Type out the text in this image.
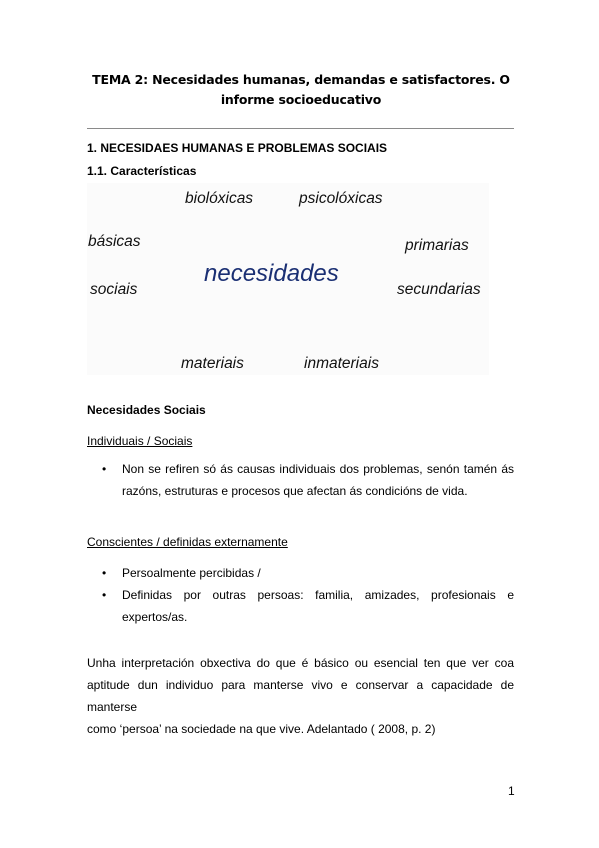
TEMA 2: Necesidades humanas, demandas e satisfactores. O
informe socioeducativo
1. NECESIDAES HUMANAS E PROBLEMAS SOCIAIS
1.1. Características
biolóxicas	psicolóxicas
básicas	primarias
necesidades
sociais	secundarias
materiais	inmateriais
Necesidades Sociais
Individuais / Sociais
• Non se refiren só ás causas individuais dos problemas, senón tamén ás
razóns, estruturas e procesos que afectan ás condicións de vida.
Conscientes / definidas externamente
• Persoalmente percibidas /
• Definidas por outras persoas: familia, amizades, profesionais e
expertos/as.
Unha interpretación obxectiva do que é básico ou esencial ten que ver coa
aptitude dun individuo para manterse vivo e conservar a capacidade de manterse
como ‘persoa’ na sociedade na que vive. Adelantado ( 2008, p. 2)
1
